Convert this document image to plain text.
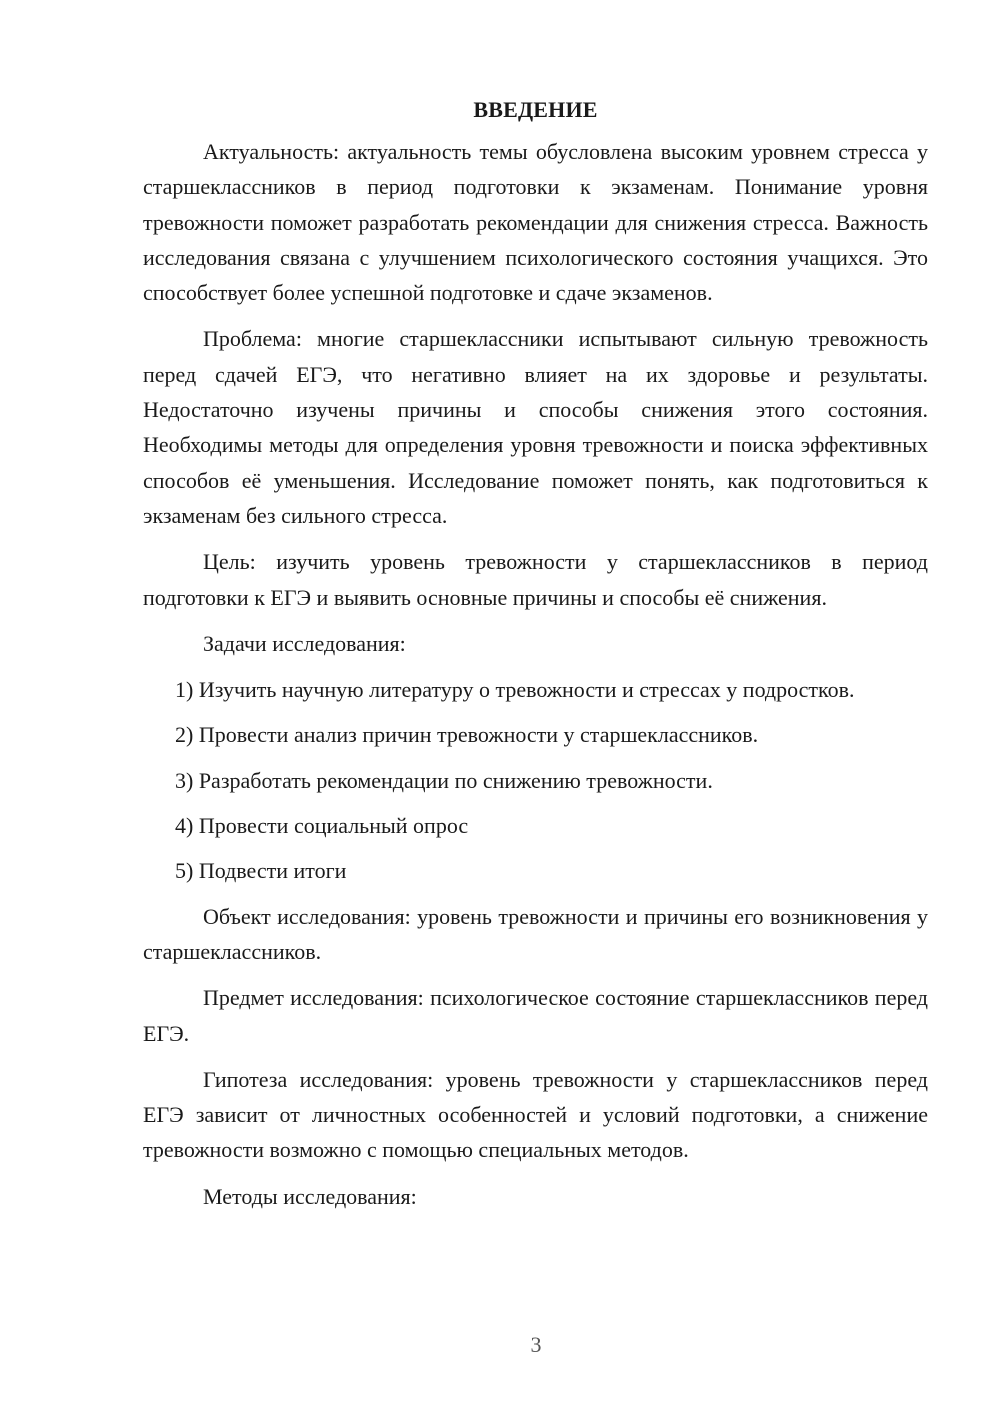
ВВЕДЕНИЕ

Актуальность: актуальность темы обусловлена высоким уровнем стресса у старшеклассников в период подготовки к экзаменам. Понимание уровня тревожности поможет разработать рекомендации для снижения стресса. Важность исследования связана с улучшением психологического состояния учащихся. Это способствует более успешной подготовке и сдаче экзаменов.

Проблема: многие старшеклассники испытывают сильную тревожность перед сдачей ЕГЭ, что негативно влияет на их здоровье и результаты. Недостаточно изучены причины и способы снижения этого состояния. Необходимы методы для определения уровня тревожности и поиска эффективных способов её уменьшения. Исследование поможет понять, как подготовиться к экзаменам без сильного стресса.

Цель: изучить уровень тревожности у старшеклассников в период подготовки к ЕГЭ и выявить основные причины и способы её снижения.

Задачи исследования:

1) Изучить научную литературу о тревожности и стрессах у подростков.

2) Провести анализ причин тревожности у старшеклассников.

3) Разработать рекомендации по снижению тревожности.

4) Провести социальный опрос

5) Подвести итоги

Объект исследования: уровень тревожности и причины его возникновения у старшеклассников.

Предмет исследования: психологическое состояние старшеклассников перед ЕГЭ.

Гипотеза исследования: уровень тревожности у старшеклассников перед ЕГЭ зависит от личностных особенностей и условий подготовки, а снижение тревожности возможно с помощью специальных методов.

Методы исследования:

3
